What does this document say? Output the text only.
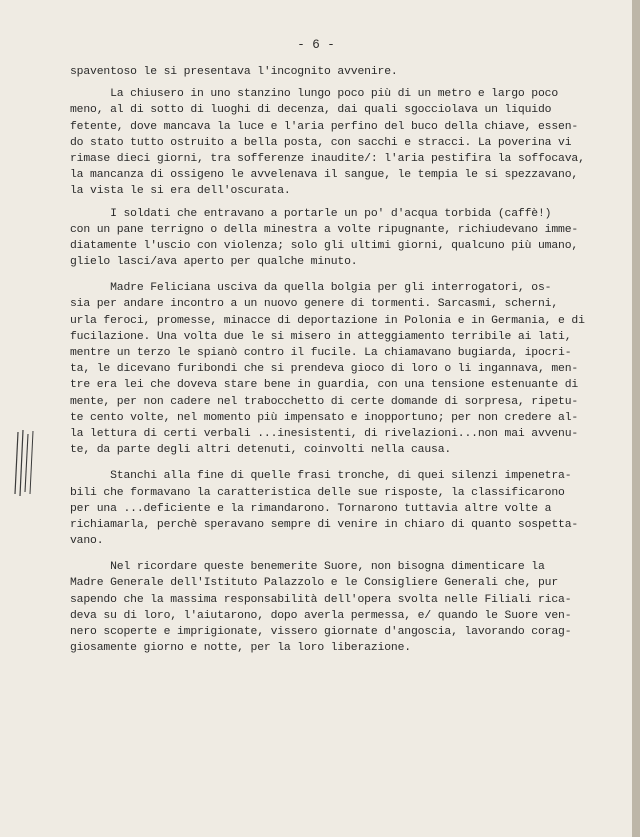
- 6 -
spaventoso le si presentava l'incognito avvenire.
La chiusero in uno stanzino lungo poco più di un metro e largo poco
meno, al di sotto di luoghi di decenza, dai quali sgocciolava un liquido
fetente, dove mancava la luce e l'aria perfino del buco della chiave, essen-
do stato tutto ostruito a bella posta, con sacchi e stracci. La poverina vi
rimase dieci giorni, tra sofferenze inaudite/: l'aria pestifira la soffocava,
la mancanza di ossigeno le avvelenava il sangue, le tempia le si spezzavano,
la vista le si era dell'oscurata.
I soldati che entravano a portarle un po' d'acqua torbida (caffè!)
con un pane terrigno o della minestra a volte ripugnante, richiudevano imme-
diatamente l'uscio con violenza; solo gli ultimi giorni, qualcuno più umano,
glielo lasci/ava aperto per qualche minuto.
Madre Feliciana usciva da quella bolgia per gli interrogatori, os-
sia per andare incontro a un nuovo genere di tormenti. Sarcasmi, scherni,
urla feroci, promesse, minacce di deportazione in Polonia e in Germania, e di
fucilazione. Una volta due le si misero in atteggiamento terribile ai lati,
mentre un terzo le spianò contro il fucile. La chiamavano bugiarda, ipocri-
ta, le dicevano furibondi che si prendeva gioco di loro o li ingannava, men-
tre era lei che doveva stare bene in guardia, con una tensione estenuante di
mente, per non cadere nel trabocchetto di certe domande di sorpresa, ripetu-
te cento volte, nel momento più impensato e inopportuno; per non credere al-
la lettura di certi verbali ...inesistenti, di rivelazioni...non mai avvenu-
te, da parte degli altri detenuti, coinvolti nella causa.
Stanchi alla fine di quelle frasi tronche, di quei silenzi impenetra-
bili che formavano la caratteristica delle sue risposte, la classificarono
per una ...deficiente e la rimandarono. Tornarono tuttavia altre volte a
richiamarla, perchè speravano sempre di venire in chiaro di quanto sospetta-
vano.
Nel ricordare queste benemerite Suore, non bisogna dimenticare la
Madre Generale dell'Istituto Palazzolo e le Consigliere Generali che, pur
sapendo che la massima responsabilità dell'opera svolta nelle Filiali rica-
deva su di loro, l'aiutarono, dopo averla permessa, e/ quando le Suore ven-
nero scoperte e imprigionate, vissero giornate d'angoscia, lavorando corag-
giosamente giorno e notte, per la loro liberazione.
